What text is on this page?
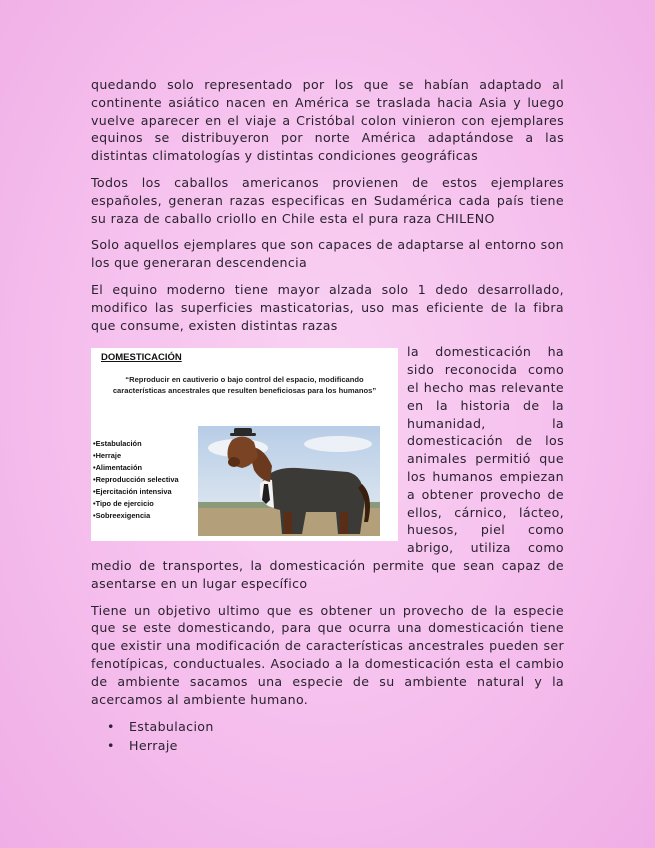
quedando solo representado por los que se habían adaptado al continente asiático nacen en América se traslada hacia Asia y luego vuelve aparecer en el viaje a Cristóbal colon vinieron con ejemplares equinos se distribuyeron por norte América adaptándose a las distintas climatologías y distintas condiciones geográficas

Todos los caballos americanos provienen de estos ejemplares españoles, generan razas especificas en Sudamérica cada país tiene su raza de caballo criollo en Chile esta el pura raza CHILENO

Solo aquellos ejemplares que son capaces de adaptarse al entorno son los que generaran descendencia

El equino moderno tiene mayor alzada solo 1 dedo desarrollado, modifico las superficies masticatorias, uso mas eficiente de la fibra que consume, existen distintas razas

DOMESTICACIÓN
“Reproducir en cautiverio o bajo control del espacio, modificando características ancestrales que resulten beneficiosas para los humanos”
•Estabulación
•Herraje
•Alimentación
•Reproducción selectiva
•Ejercitación intensiva
•Tipo de ejercicio
•Sobreexigencia

la domesticación ha sido reconocida como el hecho mas relevante en la historia de la humanidad, la domesticación de los animales permitió que los humanos empiezan a obtener provecho de ellos, cárnico, lácteo, huesos, piel como abrigo, utiliza como medio de transportes, la domesticación permite que sean capaz de asentarse en un lugar específico

Tiene un objetivo ultimo que es obtener un provecho de la especie que se este domesticando, para que ocurra una domesticación tiene que existir una modificación de características ancestrales pueden ser fenotípicas, conductuales. Asociado a la domesticación esta el cambio de ambiente sacamos una especie de su ambiente natural y la acercamos al ambiente humano.

• Estabulacion
• Herraje
